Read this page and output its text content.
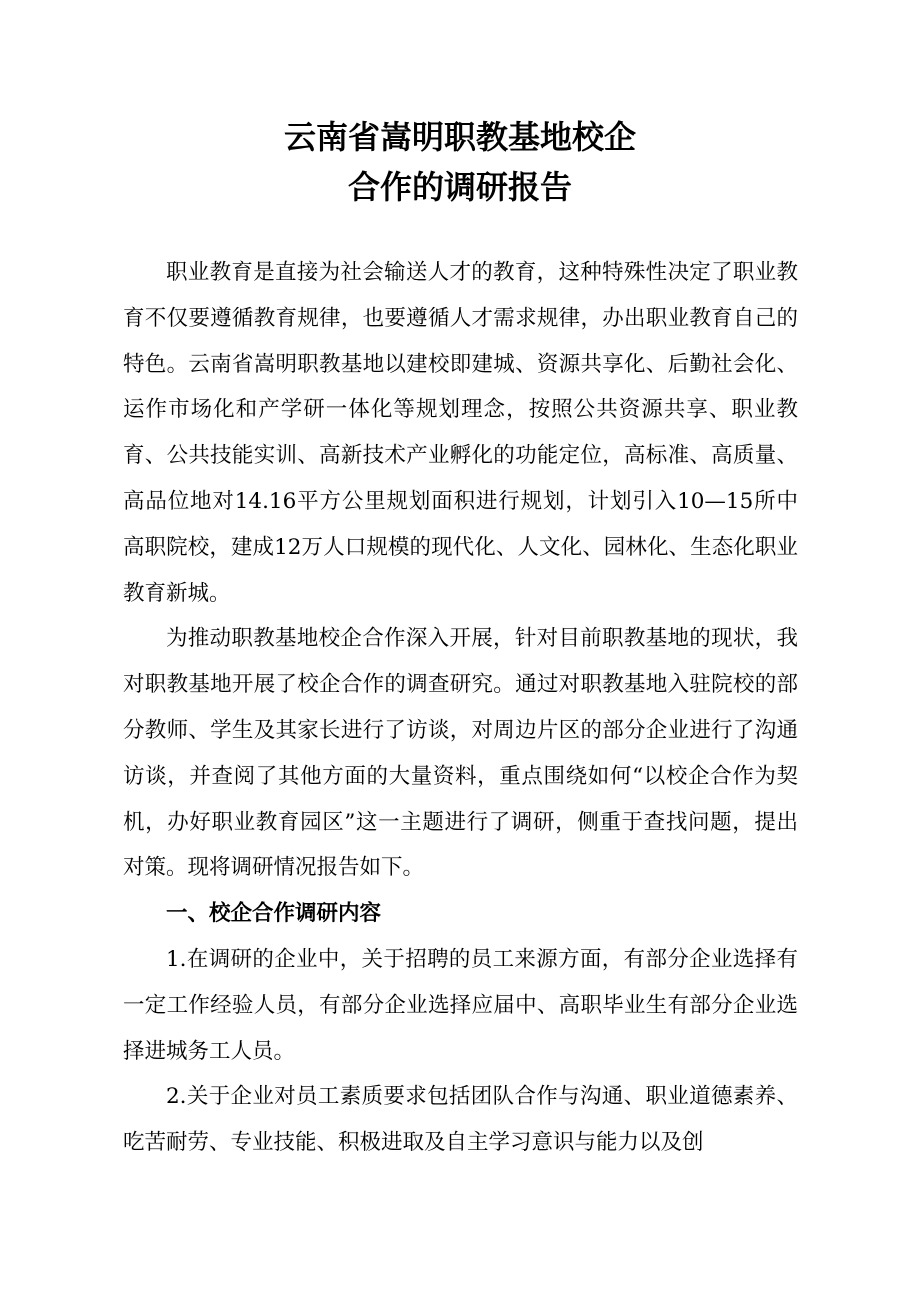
云南省嵩明职教基地校企
合作的调研报告

职业教育是直接为社会输送人才的教育，这种特殊性决定了职业教育不仅要遵循教育规律，也要遵循人才需求规律，办出职业教育自己的特色。云南省嵩明职教基地以建校即建城、资源共享化、后勤社会化、运作市场化和产学研一体化等规划理念，按照公共资源共享、职业教育、公共技能实训、高新技术产业孵化的功能定位，高标准、高质量、高品位地对14.16平方公里规划面积进行规划，计划引入10—15所中高职院校，建成12万人口规模的现代化、人文化、园林化、生态化职业教育新城。

为推动职教基地校企合作深入开展，针对目前职教基地的现状，我对职教基地开展了校企合作的调查研究。通过对职教基地入驻院校的部分教师、学生及其家长进行了访谈，对周边片区的部分企业进行了沟通访谈，并查阅了其他方面的大量资料，重点围绕如何“以校企合作为契机，办好职业教育园区”这一主题进行了调研，侧重于查找问题，提出对策。现将调研情况报告如下。

一、校企合作调研内容

1.在调研的企业中，关于招聘的员工来源方面，有部分企业选择有一定工作经验人员，有部分企业选择应届中、高职毕业生有部分企业选择进城务工人员。

2.关于企业对员工素质要求包括团队合作与沟通、职业道德素养、吃苦耐劳、专业技能、积极进取及自主学习意识与能力以及创
